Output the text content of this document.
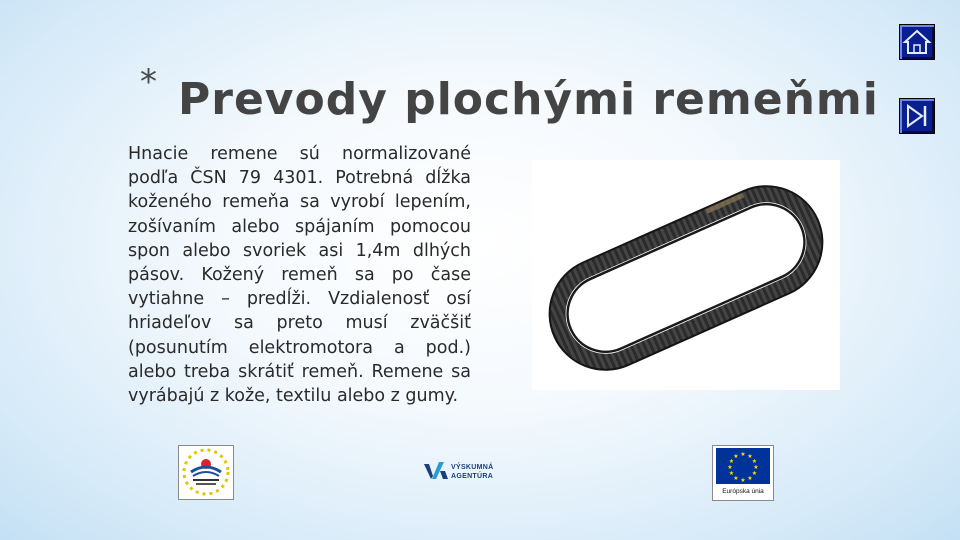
* Prevody plochými remeňmi
Hnacie remene sú normalizované podľa ČSN 79 4301. Potrebná dĺžka koženého remeňa sa vyrobí lepením, zošívaním alebo spájaním pomocou spon alebo svoriek asi 1,4m dlhých pásov. Kožený remeň sa po čase vytiahne – predĺži. Vzdialenosť osí hriadeľov sa preto musí zväčšiť (posunutím elektromotora a pod.) alebo treba skrátiť remeň. Remene sa vyrábajú z kože, textilu alebo z gumy.
VÝSKUMNÁ
AGENTÚRA
★ ★
★
★
★
★
★
★
★
★
★
★
Európska únia
